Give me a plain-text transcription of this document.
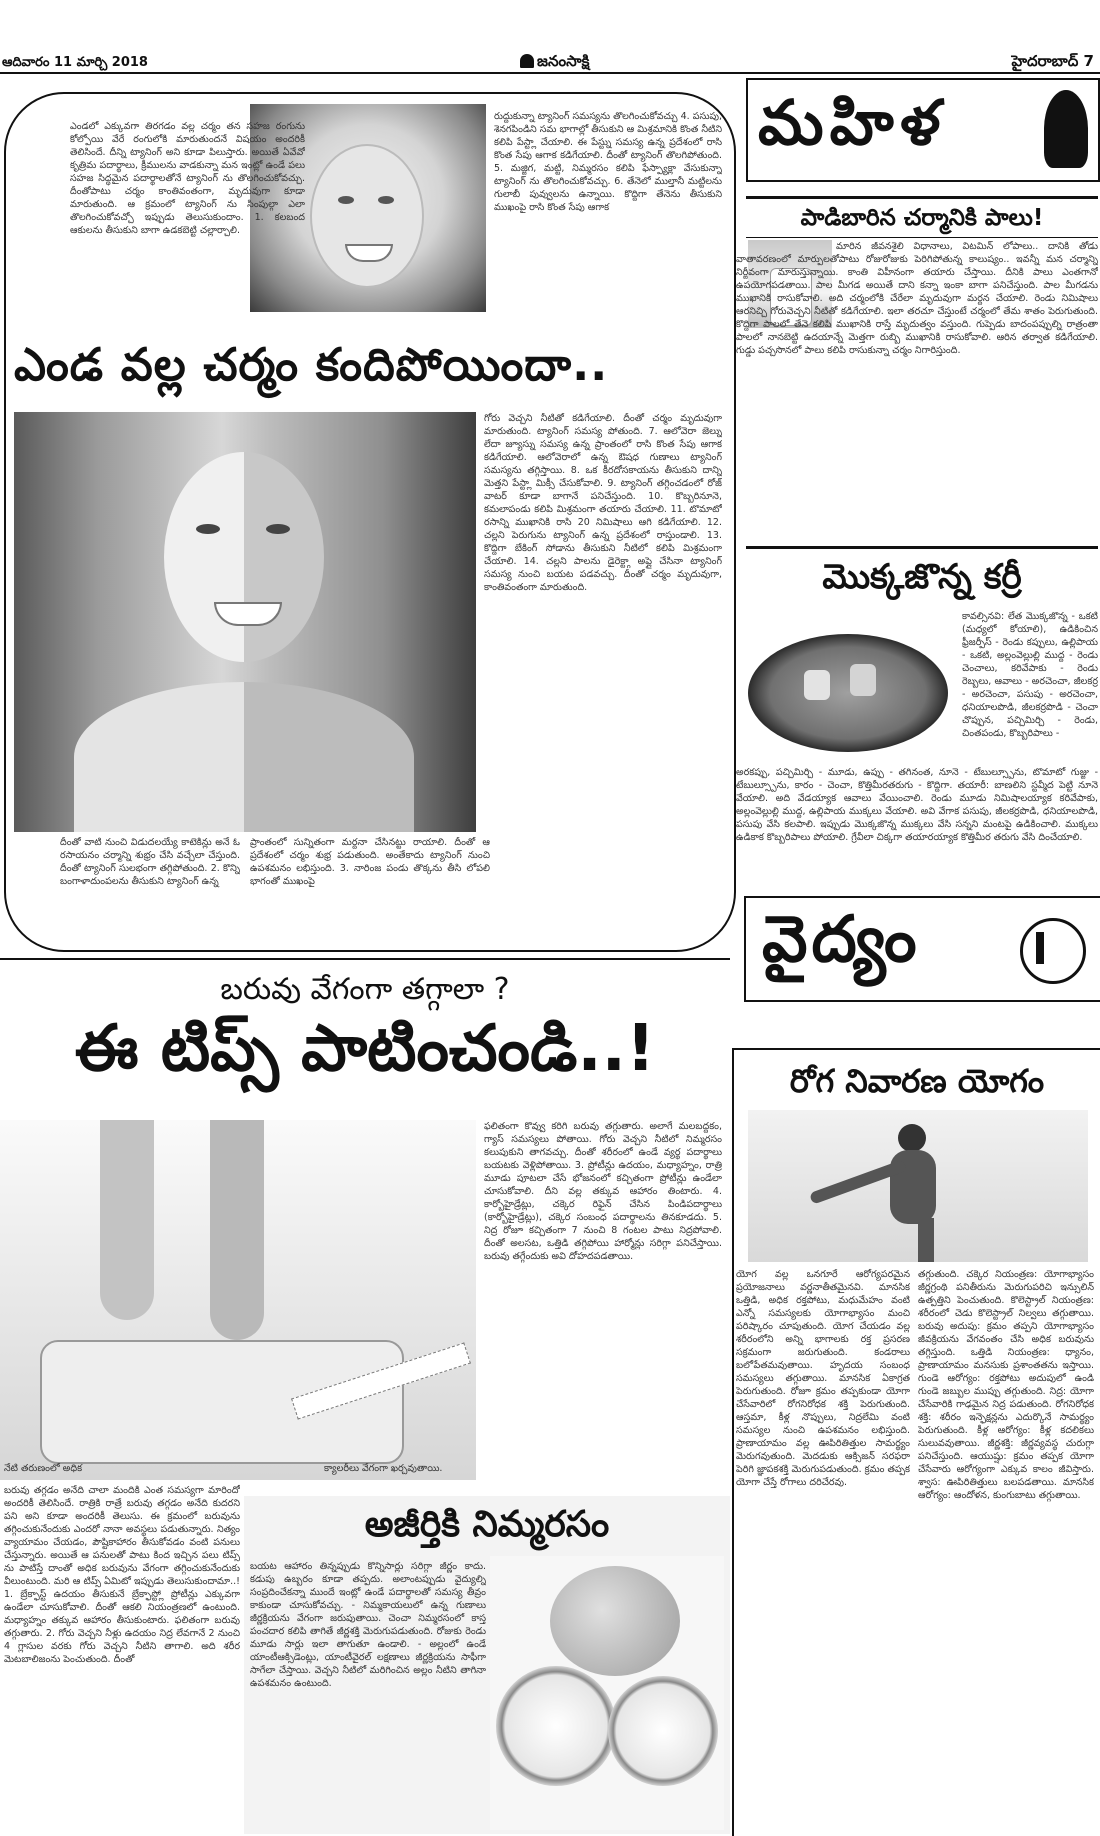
ఆదివారం 11 మార్చి 2018	జనంసాక్షి	హైదరాబాద్ 7
ఎండలో ఎక్కువగా తిరగడం వల్ల చర్మం తన సహజ రంగును కోల్పోయి వేరే రంగులోకి మారుతుందనే విషయం అందరికీ తెలిసిందే. దీన్ని ట్యానింగ్ అని కూడా పిలుస్తారు. అయితే ఏవేవో కృత్రిమ పదార్థాలు, క్రీములను వాడకున్నా మన ఇంట్లో ఉండే పలు సహజ సిద్ధమైన పదార్థాలతోనే ట్యానింగ్ ను తొలగించుకోవచ్చు. దీంతోపాటు చర్మం కాంతివంతంగా, మృదువుగా కూడా మారుతుంది. ఆ క్రమంలో ట్యానింగ్ ను సింపుల్గా ఎలా తొలగించుకోవచ్చో ఇప్పుడు తెలుసుకుందాం. 1. కలబంద ఆకులను తీసుకుని బాగా ఉడకబెట్టి చల్లార్చాలి.
రుద్దుకున్నా ట్యానింగ్ సమస్యను తొలగించుకోవచ్చు 4. పసుపు, శెనగపిండిని సమ భాగాల్లో తీసుకుని ఆ మిశ్రమానికి కొంత నీటిని కలిపి పేస్ట్లా చేయాలి. ఈ పేస్ట్ను సమస్య ఉన్న ప్రదేశంలో రాసి కొంత సేపు ఆగాక కడిగేయాలి. దీంతో ట్యానింగ్ తొలగిపోతుంది. 5. మజ్జిగ, మట్టి, నిమ్మరసం కలిపి ఫేస్ప్యాక్లా వేసుకున్నా ట్యానింగ్ ను తొలగించుకోవచ్చు. 6. తేనెలో ముల్తానీ మట్టిలను గులాబీ పువ్వులను ఉన్నాయి. కొద్దిగా తేనెను తీసుకుని ముఖంపై రాసి కొంత సేపు ఆగాక
ఎండ వల్ల చర్మం కందిపోయిందా..
గోరు వెచ్చని నీటితో కడిగేయాలి. దీంతో చర్మం మృదువుగా మారుతుంది. ట్యానింగ్ సమస్య పోతుంది. 7. ఆలోవెరా జెల్ను లేదా జ్యూస్ను సమస్య ఉన్న ప్రాంతంలో రాసి కొంత సేపు ఆగాక కడిగేయాలి. ఆలోవెరాలో ఉన్న ఔషధ గుణాలు ట్యానింగ్ సమస్యను తగ్గిస్తాయి. 8. ఒక కీరదోసకాయను తీసుకుని దాన్ని మెత్తని పేస్ట్లా మిక్సీ చేసుకోవాలి. 9. ట్యానింగ్ తగ్గించడంలో రోజ్ వాటర్ కూడా బాగానే పనిచేస్తుంది. 10. కొబ్బరినూనె, కమలాపండు కలిపి మిశ్రమంగా తయారు చేయాలి. 11. టొమాటో రసాన్ని ముఖానికి రాసి 20 నిమిషాలు ఆగి కడిగేయాలి. 12. చల్లని పెరుగును ట్యానింగ్ ఉన్న ప్రదేశంలో రాస్తుండాలి. 13. కొద్దిగా బేకింగ్ సోడాను తీసుకుని నీటిలో కలిపి మిశ్రమంగా చేయాలి. 14. చల్లని పాలను డైరెక్ట్గా అప్లై చేసినా ట్యానింగ్ సమస్య నుంచి బయట పడవచ్చు. దీంతో చర్మం మృదువుగా, కాంతివంతంగా మారుతుంది.
దీంతో వాటి నుంచి విడుదలయ్యే కాటెకిన్లు అనే ఓ రసాయనం చర్మాన్ని శుభ్రం చేసి వచ్చేలా చేస్తుంది. దీంతో ట్యానింగ్ సులభంగా తగ్గిపోతుంది. 2. కొన్ని బంగాళాదుంపలను తీసుకుని ట్యానింగ్ ఉన్న
ప్రాంతంలో సున్నితంగా మర్దనా చేసినట్టు రాయాలి. దీంతో ఆ ప్రదేశంలో చర్మం శుభ్ర పడుతుంది. అంతేకాదు ట్యానింగ్ నుంచి ఉపశమనం లభిస్తుంది. 3. నారింజ పండు తొక్కను తీసి లోపలి భాగంతో ముఖంపై
మహిళ
పాడిబారిన చర్మానికి పాలు!
మారిన జీవనశైలి విధానాలు, విటమిన్ లోపాలు.. దానికి తోడు వాతావరణంలో మార్పులతోపాటు రోజురోజుకు పెరిగిపోతున్న కాలుష్యం.. ఇవన్నీ మన చర్మాన్ని నిర్జీవంగా మారుస్తున్నాయి. కాంతి విహీనంగా తయారు చేస్తాయి. దీనికి పాలు ఎంతగానో ఉపయోగపడతాయి. పాల మీగడ అయితే దాని కన్నా ఇంకా బాగా పనిచేస్తుంది. పాల మీగడను ముఖానికి రాసుకోవాలి. అది చర్మంలోకి చేరేలా మృదువుగా మర్దన చేయాలి. రెండు నిమిషాలు ఆరనిచ్చి గోరువెచ్చని నీటితో కడిగేయాలి. ఇలా తరచూ చేస్తుంటే చర్మంలో తేమ శాతం పెరుగుతుంది. కొద్దిగా పాలలో తేనె కలిపి ముఖానికి రాస్తే మృదుత్వం వస్తుంది. గుప్పెడు బాదంపప్పుల్ని రాత్రంతా పాలలో నానబెట్టి ఉదయాన్నే మెత్తగా రుబ్బి ముఖానికి రాసుకోవాలి. ఆరిన తర్వాత కడిగేయాలి. గుడ్డు పచ్చసొనలో పాలు కలిపి రాసుకున్నా చర్మం నిగారిస్తుంది.
మొక్కజొన్న కర్రీ
కావల్సినవి: లేత మొక్కజొన్న - ఒకటి (మధ్యలో కోయాలి), ఉడికించిన ఫ్రీజర్పీస్ - రెండు కప్పులు, ఉల్లిపాయ - ఒకటి, అల్లంవెల్లుల్లి ముద్ద - రెండు చెంచాలు, కరివేపాకు - రెండు రెబ్బలు, ఆవాలు - అరచెంచా, జీలకర్ర - అరచెంచా, పసుపు - అరచెంచా, ధనియాలపొడి, జీలకర్రపొడి - చెంచా చొప్పున, పచ్చిమిర్చి - రెండు, చింతపండు, కొబ్బరిపాలు -
అరకప్పు, పచ్చిమిర్చి - మూడు, ఉప్పు - తగినంత, నూనె - టేబుల్స్పూను, టొమాటో గుజ్జు - టేబుల్స్పూను, కారం - చెంచా, కొత్తిమీరతరుగు - కొద్దిగా. తయారీ: బాణలిని స్టవ్మీద పెట్టి నూనె వేయాలి. అది వేడయ్యాక ఆవాలు వేయించాలి. రెండు మూడు నిమిషాలయ్యాక కరివేపాకు, అల్లంవెల్లుల్లి ముద్ద, ఉల్లిపాయ ముక్కలు వేయాలి. అవి వేగాక పసుపు, జీలకర్రపొడి, ధనియాలపొడి, పసుపు వేసి కలపాలి. ఇప్పుడు మొక్కజొన్న ముక్కలు వేసి సన్నని మంటపై ఉడికించాలి. ముక్కలు ఉడికాక కొబ్బరిపాలు పోయాలి. గ్రేవీలా చిక్కగా తయారయ్యాక కొత్తిమీర తరుగు వేసి దించేయాలి.
వైద్యం
రోగ నివారణ యోగం
యోగ వల్ల ఒనగూరే ఆరోగ్యపరమైన ప్రయోజనాలు వర్ణనాతీతమైనవి. మానసిక ఒత్తిడి, అధిక రక్తపోటు, మధుమేహం వంటి ఎన్నో సమస్యలకు యోగాభ్యాసం మంచి పరిష్కారం చూపుతుంది. యోగ చేయడం వల్ల శరీరంలోని అన్ని భాగాలకు రక్త ప్రసరణ సక్రమంగా జరుగుతుంది. కండరాలు బలోపేతమవుతాయి. హృదయ సంబంధ సమస్యలు తగ్గుతాయి. మానసిక ఏకాగ్రత పెరుగుతుంది. రోజూ క్రమం తప్పకుండా యోగా చేసేవారిలో రోగనిరోధక శక్తి పెరుగుతుంది. ఆస్తమా, కీళ్ల నొప్పులు, నిద్రలేమి వంటి సమస్యల నుంచి ఉపశమనం లభిస్తుంది. ప్రాణాయామం వల్ల ఊపిరితిత్తుల సామర్థ్యం మెరుగవుతుంది. మెదడుకు ఆక్సిజన్ సరఫరా పెరిగి జ్ఞాపకశక్తి మెరుగుపడుతుంది. క్రమం తప్పక యోగా చేస్తే రోగాలు దరిచేరవు.
తగ్గుతుంది. చక్కెర నియంత్రణ: యోగాభ్యాసం జీర్ణగ్రంథి పనితీరును మెరుగుపరిచి ఇన్సులిన్ ఉత్పత్తిని పెంచుతుంది. కొలెస్ట్రాల్ నియంత్రణ: శరీరంలో చెడు కొలెస్ట్రాల్ నిల్వలు తగ్గుతాయి. బరువు అదుపు: క్రమం తప్పని యోగాభ్యాసం జీవక్రియను వేగవంతం చేసి అధిక బరువును తగ్గిస్తుంది. ఒత్తిడి నియంత్రణ: ధ్యానం, ప్రాణాయామం మనసుకు ప్రశాంతతను ఇస్తాయి. గుండె ఆరోగ్యం: రక్తపోటు అదుపులో ఉండి గుండె జబ్బుల ముప్పు తగ్గుతుంది. నిద్ర: యోగా చేసేవారికి గాఢమైన నిద్ర పడుతుంది. రోగనిరోధక శక్తి: శరీరం ఇన్ఫెక్షన్లను ఎదుర్కొనే సామర్థ్యం పెరుగుతుంది. కీళ్ల ఆరోగ్యం: కీళ్ల కదలికలు సులువవుతాయి. జీర్ణశక్తి: జీర్ణవ్యవస్థ చురుగ్గా పనిచేస్తుంది. ఆయుష్షు: క్రమం తప్పక యోగా చేసేవారు ఆరోగ్యంగా ఎక్కువ కాలం జీవిస్తారు. శ్వాస: ఊపిరితిత్తులు బలపడతాయి. మానసిక ఆరోగ్యం: ఆందోళన, కుంగుబాటు తగ్గుతాయి.
బరువు వేగంగా తగ్గాలా ?
ఈ టిప్స్ పాటించండి..!
నేటి తరుణంలో అధిక	క్యాలరీలు వేగంగా ఖర్చవుతాయి.
ఫలితంగా కొవ్వు కరిగి బరువు తగ్గుతారు. అలాగే మలబద్దకం, గ్యాస్ సమస్యలు పోతాయి. గోరు వెచ్చని నీటిలో నిమ్మరసం కలుపుకుని తాగవచ్చు. దీంతో శరీరంలో ఉండే వ్యర్థ పదార్థాలు బయటకు వెళ్లిపోతాయి. 3. ప్రోటీన్లు ఉదయం, మధ్యాహ్నం, రాత్రి మూడు పూటలా చేసే భోజనంలో కచ్చితంగా ప్రోటీన్లు ఉండేలా చూసుకోవాలి. దీని వల్ల తక్కువ ఆహారం తింటారు. 4. కార్బోహైడ్రేట్లు, చక్కెర రిఫైన్ చేసిన పిండిపదార్థాలు (కార్బోహైడ్రేట్లు), చక్కెర సంబంధ పదార్థాలను తినకూడదు. 5. నిద్ర రోజూ కచ్చితంగా 7 నుంచి 8 గంటల పాటు నిద్రపోవాలి. దీంతో అలసట, ఒత్తిడి తగ్గిపోయి హార్మోన్లు సరిగ్గా పనిచేస్తాయి. బరువు తగ్గేందుకు అవి దోహదపడతాయి.
బరువు తగ్గడం అనేది చాలా మందికి ఎంత సమస్యగా మారిందో అందరికీ తెలిసిందే. రాత్రికి రాత్రే బరువు తగ్గడం అనేది కుదరని పని అని కూడా అందరికీ తెలుసు. ఈ క్రమంలో బరువును తగ్గించుకునేందుకు ఎందరో నానా అవస్థలు పడుతున్నారు. నిత్యం వ్యాయామం చేయడం, పౌష్టికాహారం తీసుకోవడం వంటి పనులు చేస్తున్నారు. అయితే ఆ పనులతో పాటు కింద ఇచ్చిన పలు టిప్స్ ను పాటిస్తే దాంతో అధిక బరువును వేగంగా తగ్గించుకునేందుకు వీలుంటుంది. మరి ఆ టిప్స్ ఏమిటో ఇప్పుడు తెలుసుకుందామా..! 1. బ్రేక్ఫాస్ట్ ఉదయం తీసుకునే బ్రేక్ఫాస్ట్లో ప్రోటీన్లు ఎక్కువగా ఉండేలా చూసుకోవాలి. దీంతో ఆకలి నియంత్రణలో ఉంటుంది. మధ్యాహ్నం తక్కువ ఆహారం తీసుకుంటారు. ఫలితంగా బరువు తగ్గుతారు. 2. గోరు వెచ్చని నీళ్లు ఉదయం నిద్ర లేవగానే 2 నుంచి 4 గ్లాసుల వరకు గోరు వెచ్చని నీటిని తాగాలి. అది శరీర మెటబాలిజంను పెంచుతుంది. దీంతో
అజీర్తికి నిమ్మరసం
బయట ఆహారం తిన్నప్పుడు కొన్నిసార్లు సరిగ్గా జీర్ణం కాదు. కడుపు ఉబ్బరం కూడా తప్పదు. అలాంటప్పుడు వైద్యుల్ని సంప్రదించేకన్నా ముందే ఇంట్లో ఉండే పదార్థాలతో సమస్య తీవ్రం కాకుండా చూసుకోవచ్చు. - నిమ్మకాయలులో ఉన్న గుణాలు జీర్ణక్రియను వేగంగా జరుపుతాయి. చెంచా నిమ్మరసంలో కాస్త పంచదార కలిపి తాగితే జీర్ణశక్తి మెరుగుపడుతుంది. రోజుకు రెండు మూడు సార్లు ఇలా తాగుతూ ఉండాలి. - అల్లంలో ఉండే యాంటీఆక్సిడెంట్లు, యాంటీవైరల్ లక్షణాలు జీర్ణక్రియను సాఫీగా సాగేలా చేస్తాయి. వెచ్చని నీటిలో మరిగించిన అల్లం నీటిని తాగినా ఉపశమనం ఉంటుంది.
